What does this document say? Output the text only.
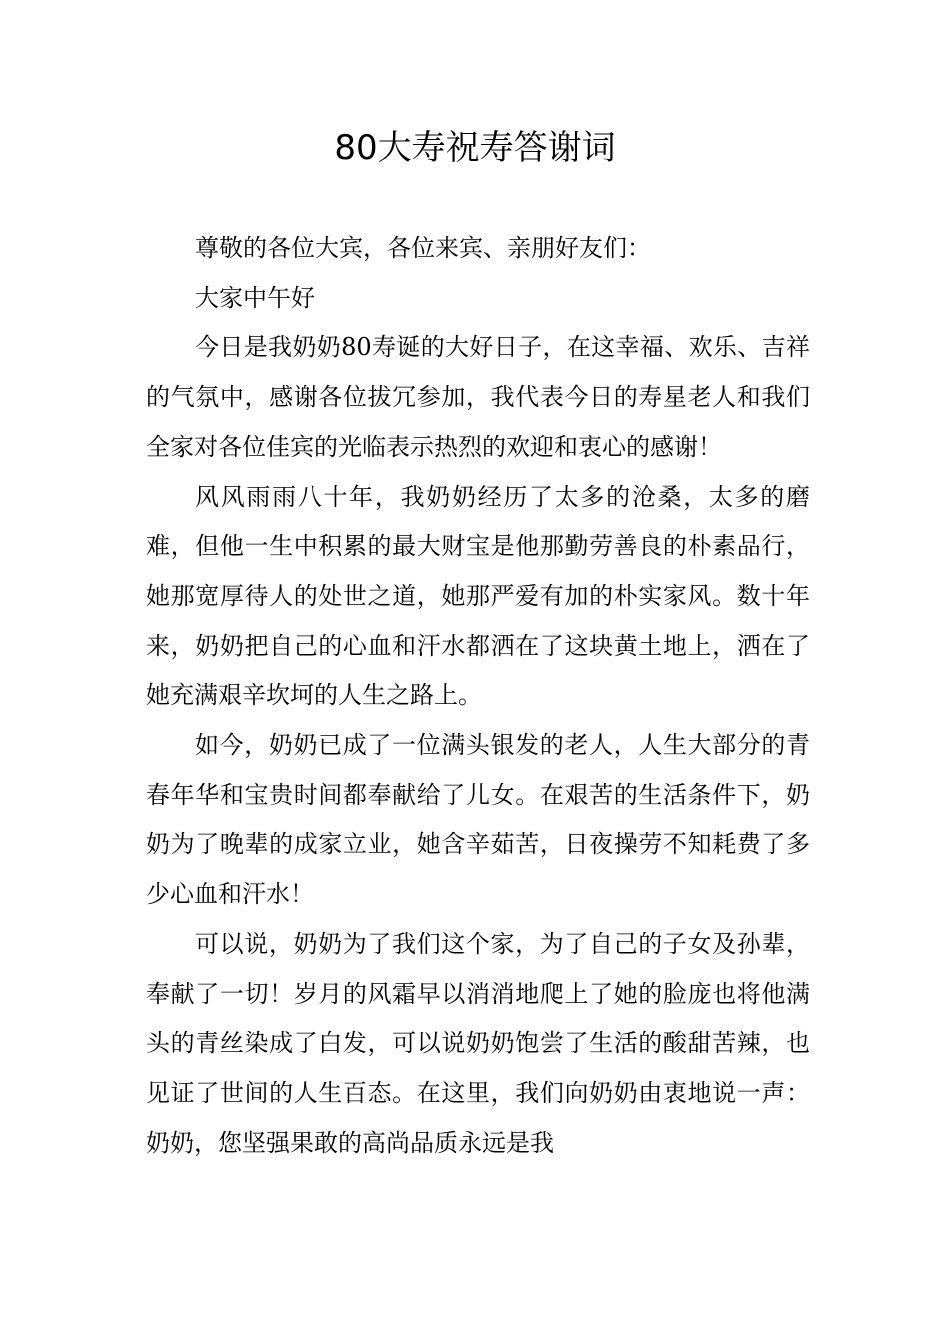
80大寿祝寿答谢词

尊敬的各位大宾，各位来宾、亲朋好友们：

大家中午好

今日是我奶奶80寿诞的大好日子，在这幸福、欢乐、吉祥的气氛中，感谢各位拔冗参加，我代表今日的寿星老人和我们全家对各位佳宾的光临表示热烈的欢迎和衷心的感谢！

风风雨雨八十年，我奶奶经历了太多的沧桑，太多的磨难，但他一生中积累的最大财宝是他那勤劳善良的朴素品行，她那宽厚待人的处世之道，她那严爱有加的朴实家风。数十年来，奶奶把自己的心血和汗水都洒在了这块黄土地上，洒在了她充满艰辛坎坷的人生之路上。

如今，奶奶已成了一位满头银发的老人，人生大部分的青春年华和宝贵时间都奉献给了儿女。在艰苦的生活条件下，奶奶为了晚辈的成家立业，她含辛茹苦，日夜操劳不知耗费了多少心血和汗水！

可以说，奶奶为了我们这个家，为了自己的子女及孙辈，奉献了一切！岁月的风霜早以消消地爬上了她的脸庞也将他满头的青丝染成了白发，可以说奶奶饱尝了生活的酸甜苦辣，也见证了世间的人生百态。在这里，我们向奶奶由衷地说一声：奶奶，您坚强果敢的高尚品质永远是我
